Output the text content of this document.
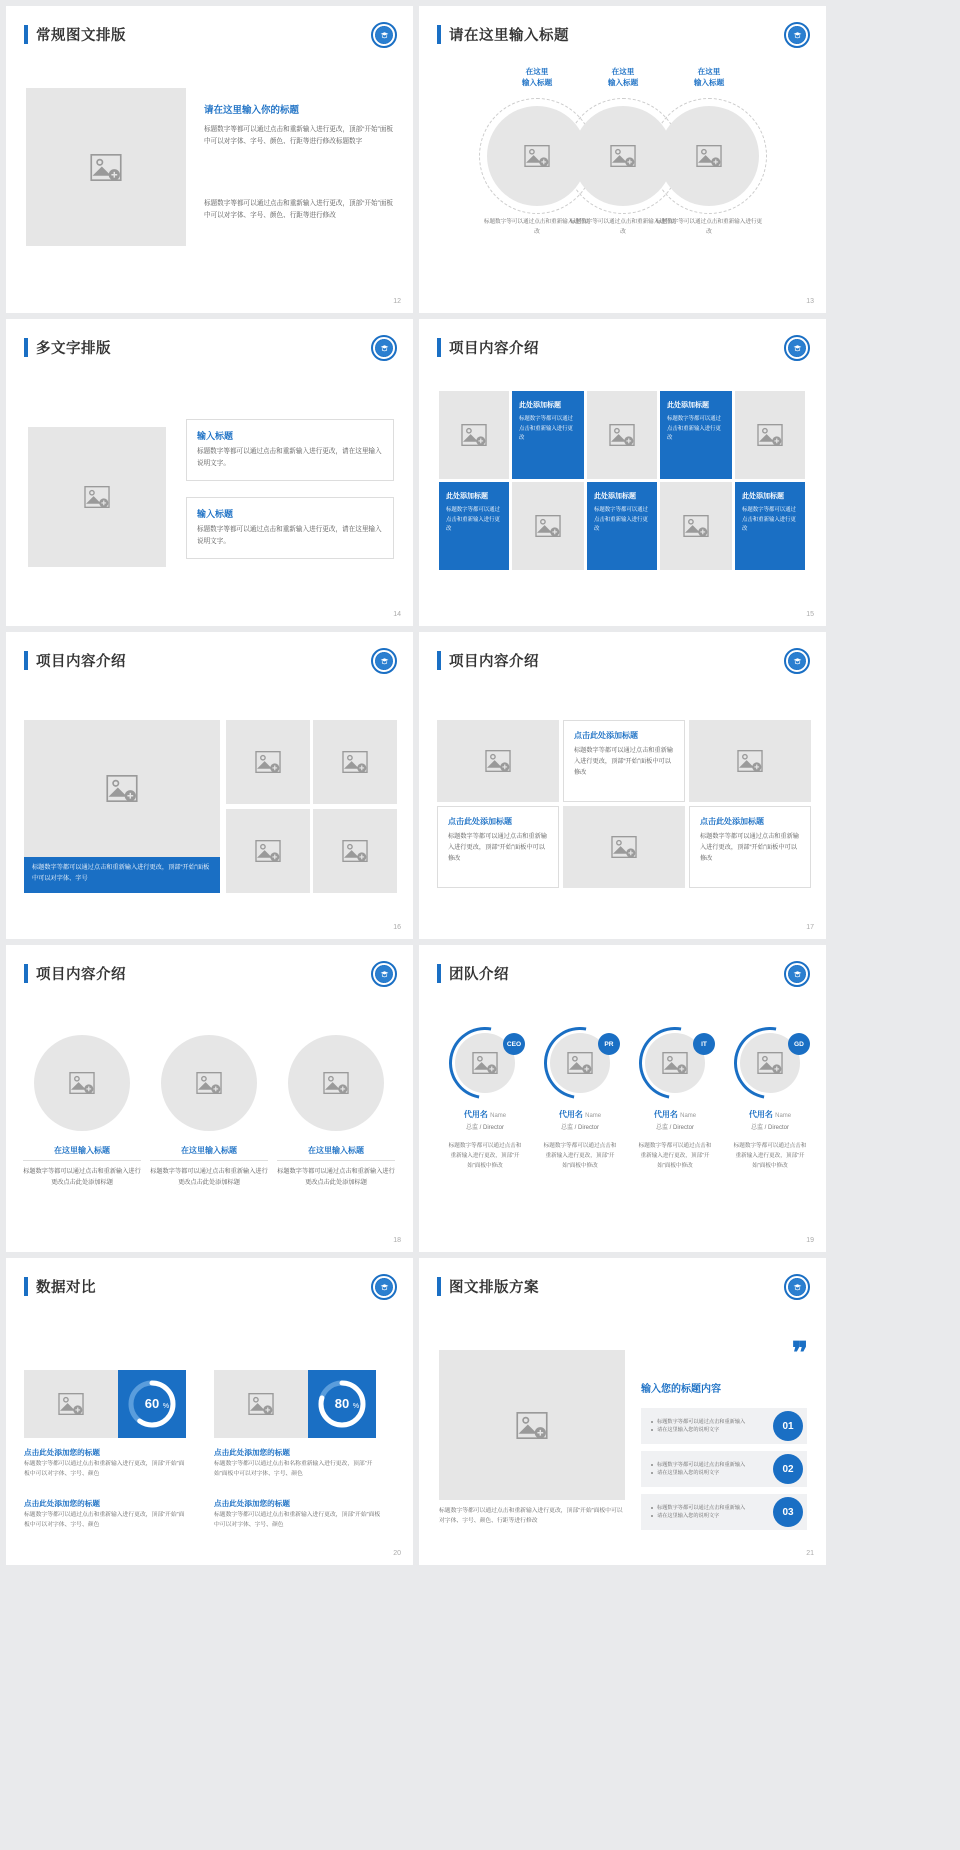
常规图文排版
请在这里输入你的标题
标题数字等都可以通过点击和重新输入进行更改，顶部“开始”面板中可以对字体、字号、颜色、行距等进行修改标题数字
标题数字等都可以通过点击和重新输入进行更改，顶部“开始”面板中可以对字体、字号、颜色、行距等进行修改
12
请在这里输入标题
在这里
输入标题
在这里
输入标题
在这里
输入标题
标题数字等可以通过点击和重新输入进行更改
标题数字等可以通过点击和重新输入进行更改
标题数字等可以通过点击和重新输入进行更改
13
多文字排版
输入标题
标题数字等都可以通过点击和重新输入进行更改，请在这里输入说明文字。
输入标题
标题数字等都可以通过点击和重新输入进行更改，请在这里输入说明文字。
14
项目内容介绍
此处添加标题
标题数字等都可以通过点击和重新输入进行更改
此处添加标题
标题数字等都可以通过点击和重新输入进行更改
此处添加标题
标题数字等都可以通过点击和重新输入进行更改
此处添加标题
标题数字等都可以通过点击和重新输入进行更改
此处添加标题
标题数字等都可以通过点击和重新输入进行更改
15
项目内容介绍
标题数字等都可以通过点击和重新输入进行更改，顶部“开始”面板中可以对字体、字号
16
项目内容介绍
点击此处添加标题
标题数字等都可以通过点击和重新输入进行更改，顶部“开始”面板中可以修改
点击此处添加标题
标题数字等都可以通过点击和重新输入进行更改，顶部“开始”面板中可以修改
点击此处添加标题
标题数字等都可以通过点击和重新输入进行更改，顶部“开始”面板中可以修改
17
项目内容介绍
在这里输入标题
标题数字等都可以通过点击和重新输入进行更改点击此处添加标题
在这里输入标题
标题数字等都可以通过点击和重新输入进行更改点击此处添加标题
在这里输入标题
标题数字等都可以通过点击和重新输入进行更改点击此处添加标题
18
团队介绍
CEO
代用名 Name
总监 / Director
标题数字等都可以通过点击和重新输入进行更改，顶部“开始”面板中修改
PR
代用名 Name
总监 / Director
标题数字等都可以通过点击和重新输入进行更改，顶部“开始”面板中修改
IT
代用名 Name
总监 / Director
标题数字等都可以通过点击和重新输入进行更改，顶部“开始”面板中修改
GD
代用名 Name
总监 / Director
标题数字等都可以通过点击和重新输入进行更改，顶部“开始”面板中修改
19
数据对比
60 %
点击此处添加您的标题
标题数字等都可以通过点击和重新输入进行更改，顶部“开始”面板中可以对字体、字号、颜色
80 %
点击此处添加您的标题
标题数字等都可以通过点击和名称重新输入进行更改，顶部“开始”面板中可以对字体、字号、颜色
点击此处添加您的标题
标题数字等都可以通过点击和重新输入进行更改，顶部“开始”面板中可以对字体、字号、颜色
点击此处添加您的标题
标题数字等都可以通过点击和重新输入进行更改，顶部“开始”面板中可以对字体、字号、颜色
20
图文排版方案
标题数字等都可以通过点击和重新输入进行更改，顶部“开始”面板中可以对字体、字号、颜色、行距等进行修改
❞
输入您的标题内容
标题数字等都可以通过点击和重新输入
请在这里输入您的说明文字	01
标题数字等都可以通过点击和重新输入
请在这里输入您的说明文字	02
标题数字等都可以通过点击和重新输入
请在这里输入您的说明文字	03
21
